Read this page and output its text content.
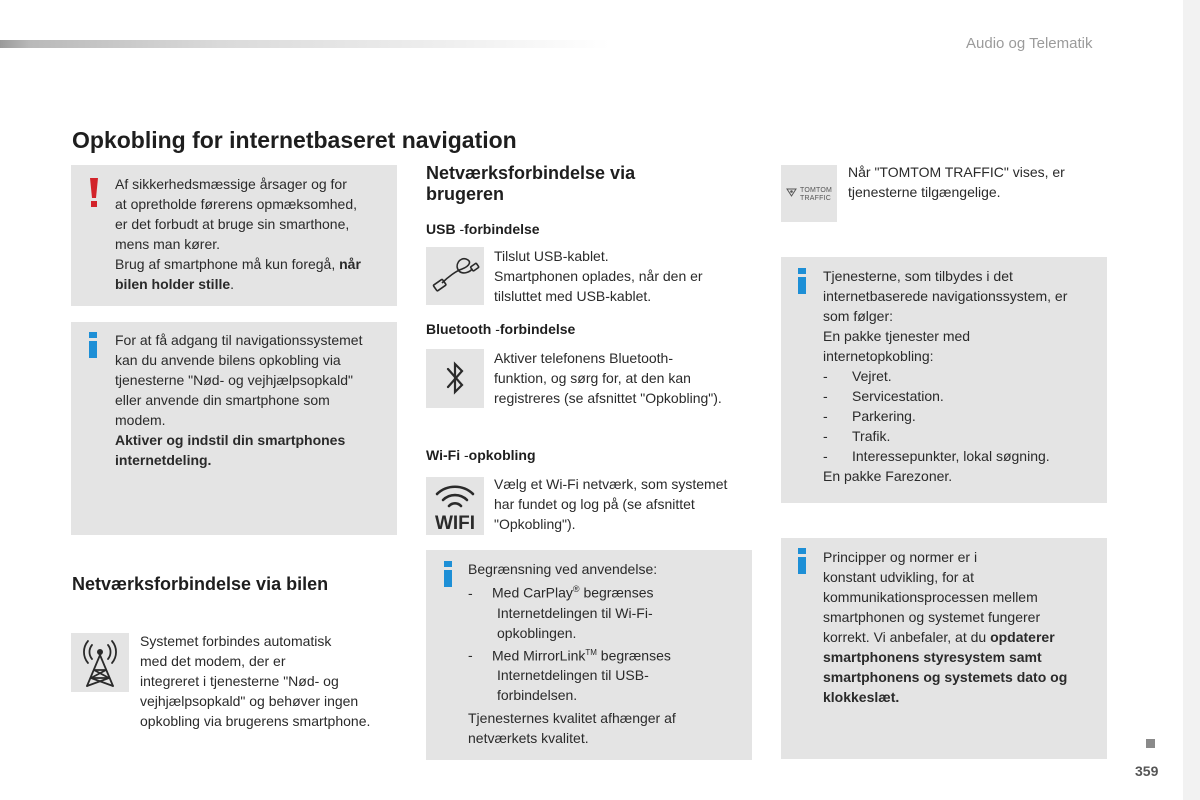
Audio og Telematik
Opkobling for internetbaseret navigation
Af sikkerhedsmæssige årsager og for
at opretholde førerens opmæksomhed,
er det forbudt at bruge sin smarthone,
mens man kører.
Brug af smartphone må kun foregå, når
bilen holder stille.
For at få adgang til navigationssystemet
kan du anvende bilens opkobling via
tjenesterne "Nød- og vejhjælpsopkald"
eller anvende din smartphone som
modem.
Aktiver og indstil din smartphones
internetdeling.
Netværksforbindelse via bilen
Systemet forbindes automatisk
med det modem, der er
integreret i tjenesterne "Nød- og
vejhjælpsopkald" og behøver ingen
opkobling via brugerens smartphone.
Netværksforbindelse via
brugeren
USB -forbindelse
Tilslut USB-kablet.
Smartphonen oplades, når den er
tilsluttet med USB-kablet.
Bluetooth -forbindelse
Aktiver telefonens Bluetooth-
funktion, og sørg for, at den kan
registreres (se afsnittet "Opkobling").
Wi-Fi -opkobling
WIFI
Vælg et Wi-Fi netværk, som systemet
har fundet og log på (se afsnittet
"Opkobling").
Begrænsning ved anvendelse:
- Med CarPlay® begrænses
Internetdelingen til Wi-Fi-
opkoblingen.
- Med MirrorLink™ begrænses
Internetdelingen til USB-
forbindelsen.
Tjenesternes kvalitet afhænger af
netværkets kvalitet.
TOMTOM
TRAFFIC
Når "TOMTOM TRAFFIC" vises, er
tjenesterne tilgængelige.
Tjenesterne, som tilbydes i det
internetbaserede navigationssystem, er
som følger:
En pakke tjenester med
internetopkobling:
- Vejret.
- Servicestation.
- Parkering.
- Trafik.
- Interessepunkter, lokal søgning.
En pakke Farezoner.
Principper og normer er i
konstant udvikling, for at
kommunikationsprocessen mellem
smartphonen og systemet fungerer
korrekt. Vi anbefaler, at du opdaterer
smartphonens styresystem samt
smartphonens og systemets dato og
klokkeslæt.
359
